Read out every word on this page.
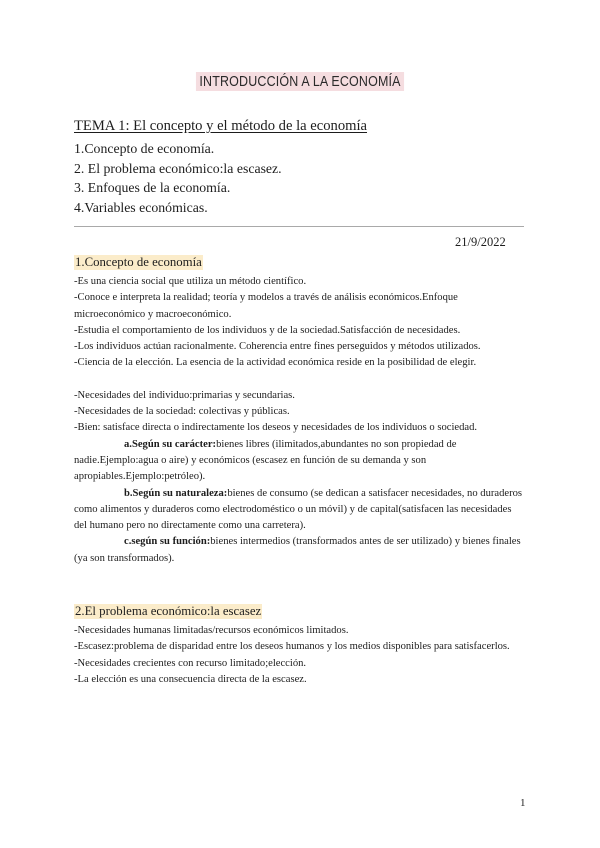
INTRODUCCIÓN A LA ECONOMÍA
TEMA 1: El concepto y el método de la economía
1.Concepto de economía.
2. El problema económico:la escasez.
3. Enfoques de la economía.
4.Variables económicas.
21/9/2022
1.Concepto de economía
-Es una ciencia social que utiliza un método científico.
-Conoce e interpreta la realidad; teoría y modelos a través de análisis económicos.Enfoque
microeconómico y macroeconómico.
-Estudia el comportamiento de los individuos y de la sociedad.Satisfacción de necesidades.
-Los individuos actúan racionalmente. Coherencia entre fines perseguidos y métodos utilizados.
-Ciencia de la elección. La esencia de la actividad económica reside en la posibilidad de elegir.
-Necesidades del individuo:primarias y secundarias.
-Necesidades de la sociedad: colectivas y públicas.
-Bien: satisface directa o indirectamente los deseos y necesidades de los individuos o sociedad.
a.Según su carácter:bienes libres (ilimitados,abundantes no son propiedad de
nadie.Ejemplo:agua o aire) y económicos (escasez en función de su demanda y son
apropiables.Ejemplo:petróleo).
b.Según su naturaleza:bienes de consumo (se dedican a satisfacer necesidades, no duraderos
como alimentos y duraderos como electrodoméstico o un móvil) y de capital(satisfacen las necesidades
del humano pero no directamente como una carretera).
c.según su función:bienes intermedios (transformados antes de ser utilizado) y bienes finales
(ya son transformados).
2.El problema económico:la escasez
-Necesidades humanas limitadas/recursos económicos limitados.
-Escasez:problema de disparidad entre los deseos humanos y los medios disponibles para satisfacerlos.
-Necesidades crecientes con recurso limitado;elección.
-La elección es una consecuencia directa de la escasez.
1
